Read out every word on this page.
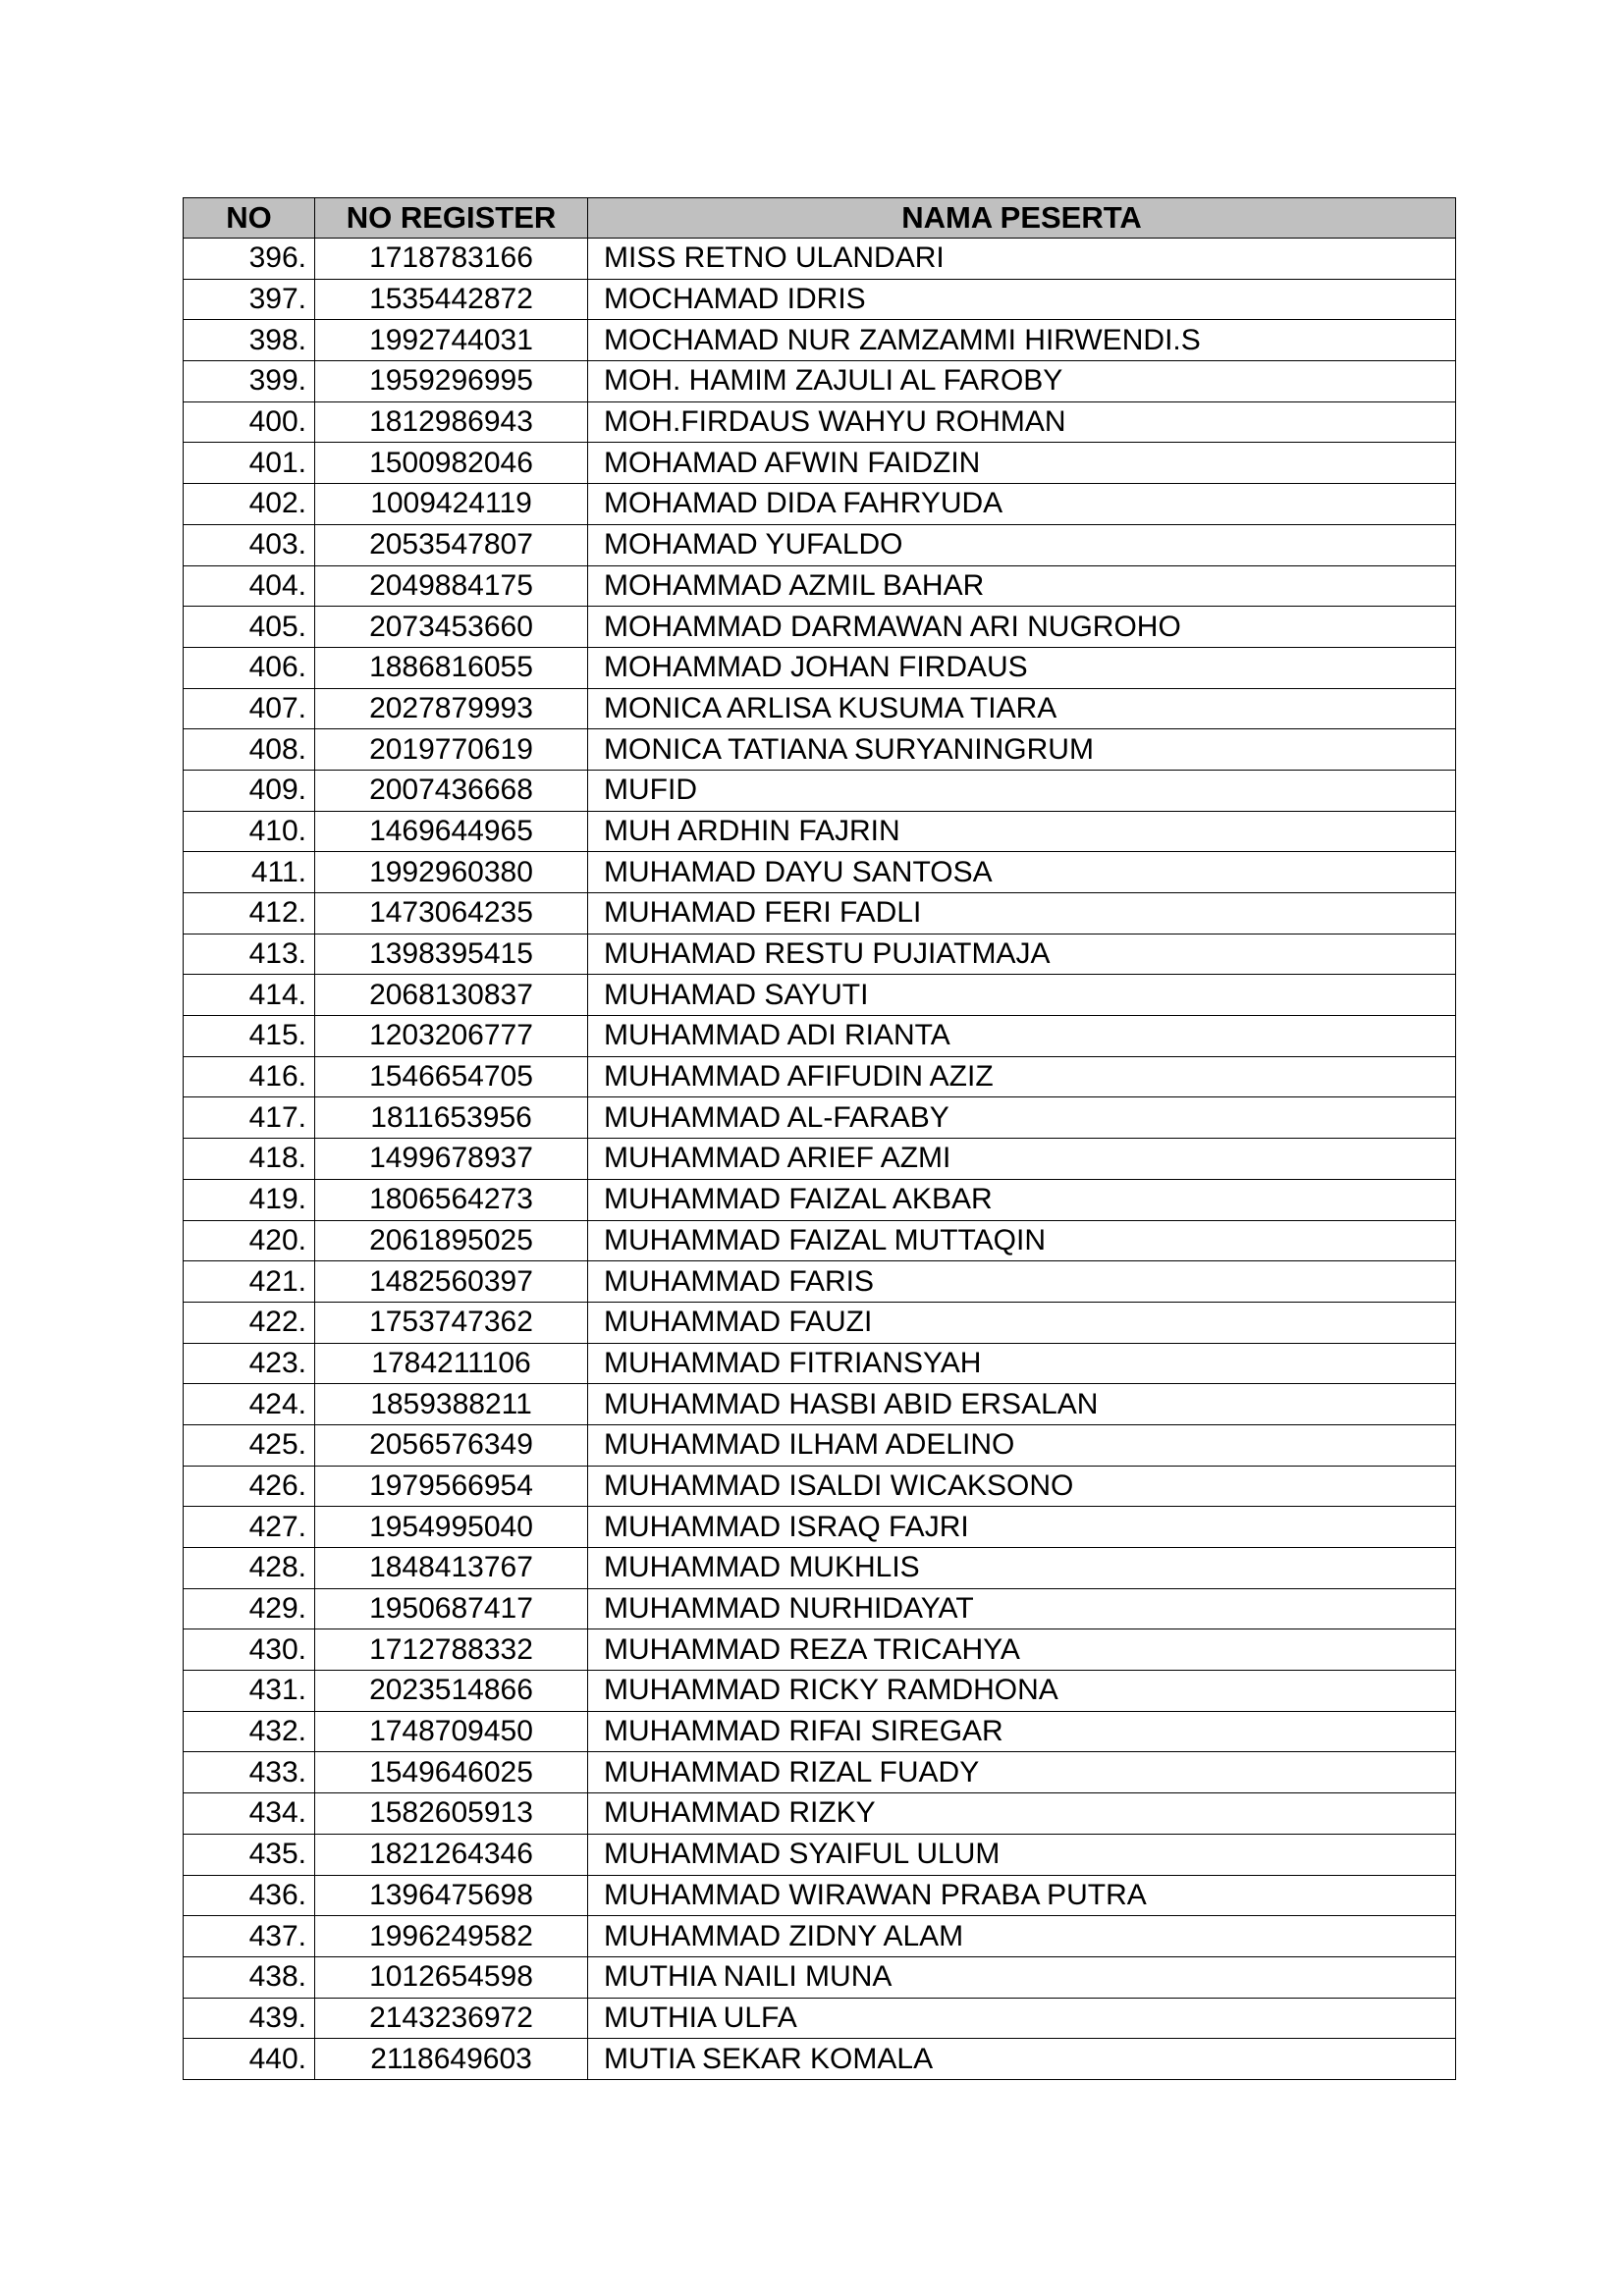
NO	NO REGISTER	NAMA PESERTA
396.	1718783166	MISS RETNO ULANDARI
397.	1535442872	MOCHAMAD IDRIS
398.	1992744031	MOCHAMAD NUR ZAMZAMMI HIRWENDI.S
399.	1959296995	MOH. HAMIM ZAJULI AL FAROBY
400.	1812986943	MOH.FIRDAUS WAHYU ROHMAN
401.	1500982046	MOHAMAD AFWIN FAIDZIN
402.	1009424119	MOHAMAD DIDA FAHRYUDA
403.	2053547807	MOHAMAD YUFALDO
404.	2049884175	MOHAMMAD AZMIL BAHAR
405.	2073453660	MOHAMMAD DARMAWAN ARI NUGROHO
406.	1886816055	MOHAMMAD JOHAN FIRDAUS
407.	2027879993	MONICA ARLISA KUSUMA TIARA
408.	2019770619	MONICA TATIANA SURYANINGRUM
409.	2007436668	MUFID
410.	1469644965	MUH ARDHIN FAJRIN
411.	1992960380	MUHAMAD DAYU SANTOSA
412.	1473064235	MUHAMAD FERI FADLI
413.	1398395415	MUHAMAD RESTU PUJIATMAJA
414.	2068130837	MUHAMAD SAYUTI
415.	1203206777	MUHAMMAD ADI RIANTA
416.	1546654705	MUHAMMAD AFIFUDIN AZIZ
417.	1811653956	MUHAMMAD AL-FARABY
418.	1499678937	MUHAMMAD ARIEF AZMI
419.	1806564273	MUHAMMAD FAIZAL AKBAR
420.	2061895025	MUHAMMAD FAIZAL MUTTAQIN
421.	1482560397	MUHAMMAD FARIS
422.	1753747362	MUHAMMAD FAUZI
423.	1784211106	MUHAMMAD FITRIANSYAH
424.	1859388211	MUHAMMAD HASBI ABID ERSALAN
425.	2056576349	MUHAMMAD ILHAM ADELINO
426.	1979566954	MUHAMMAD ISALDI WICAKSONO
427.	1954995040	MUHAMMAD ISRAQ FAJRI
428.	1848413767	MUHAMMAD MUKHLIS
429.	1950687417	MUHAMMAD NURHIDAYAT
430.	1712788332	MUHAMMAD REZA TRICAHYA
431.	2023514866	MUHAMMAD RICKY RAMDHONA
432.	1748709450	MUHAMMAD RIFAI SIREGAR
433.	1549646025	MUHAMMAD RIZAL FUADY
434.	1582605913	MUHAMMAD RIZKY
435.	1821264346	MUHAMMAD SYAIFUL ULUM
436.	1396475698	MUHAMMAD WIRAWAN PRABA PUTRA
437.	1996249582	MUHAMMAD ZIDNY ALAM
438.	1012654598	MUTHIA NAILI MUNA
439.	2143236972	MUTHIA ULFA
440.	2118649603	MUTIA SEKAR KOMALA
